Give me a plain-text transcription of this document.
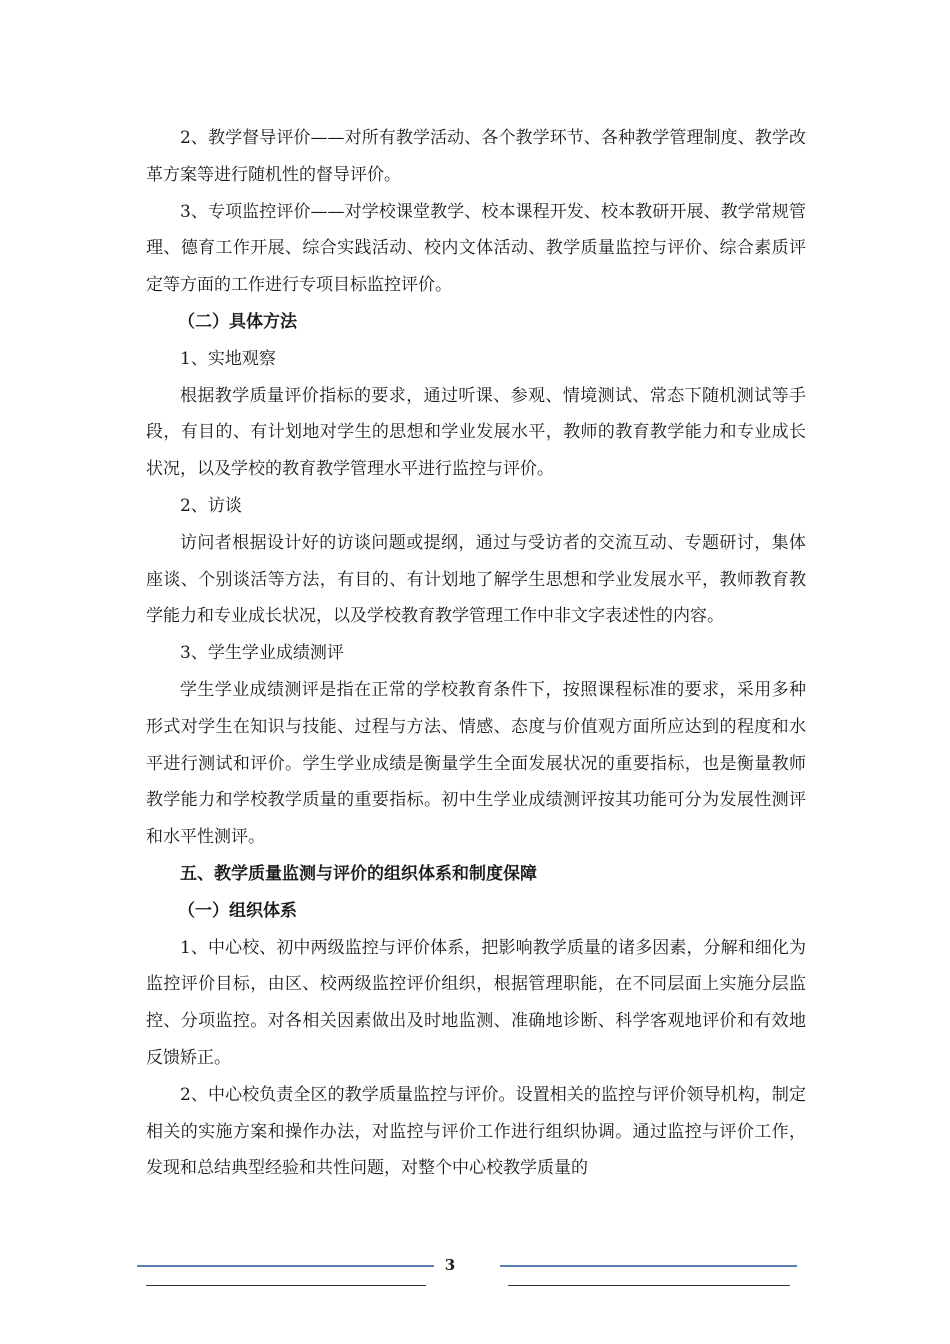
2、教学督导评价——对所有教学活动、各个教学环节、各种教学管理制度、教学改革方案等进行随机性的督导评价。

3、专项监控评价——对学校课堂教学、校本课程开发、校本教研开展、教学常规管理、德育工作开展、综合实践活动、校内文体活动、教学质量监控与评价、综合素质评定等方面的工作进行专项目标监控评价。

（二）具体方法

1、实地观察

根据教学质量评价指标的要求，通过听课、参观、情境测试、常态下随机测试等手段，有目的、有计划地对学生的思想和学业发展水平，教师的教育教学能力和专业成长状况，以及学校的教育教学管理水平进行监控与评价。

2、访谈

访问者根据设计好的访谈问题或提纲，通过与受访者的交流互动、专题研讨，集体座谈、个别谈活等方法，有目的、有计划地了解学生思想和学业发展水平，教师教育教学能力和专业成长状况，以及学校教育教学管理工作中非文字表述性的内容。

3、学生学业成绩测评

学生学业成绩测评是指在正常的学校教育条件下，按照课程标准的要求，采用多种形式对学生在知识与技能、过程与方法、情感、态度与价值观方面所应达到的程度和水平进行测试和评价。学生学业成绩是衡量学生全面发展状况的重要指标，也是衡量教师教学能力和学校教学质量的重要指标。初中生学业成绩测评按其功能可分为发展性测评和水平性测评。

五、教学质量监测与评价的组织体系和制度保障

（一）组织体系

1、中心校、初中两级监控与评价体系，把影响教学质量的诸多因素，分解和细化为监控评价目标，由区、校两级监控评价组织，根据管理职能，在不同层面上实施分层监控、分项监控。对各相关因素做出及时地监测、准确地诊断、科学客观地评价和有效地反馈矫正。

2、中心校负责全区的教学质量监控与评价。设置相关的监控与评价领导机构，制定相关的实施方案和操作办法，对监控与评价工作进行组织协调。通过监控与评价工作，发现和总结典型经验和共性问题，对整个中心校教学质量的

3
